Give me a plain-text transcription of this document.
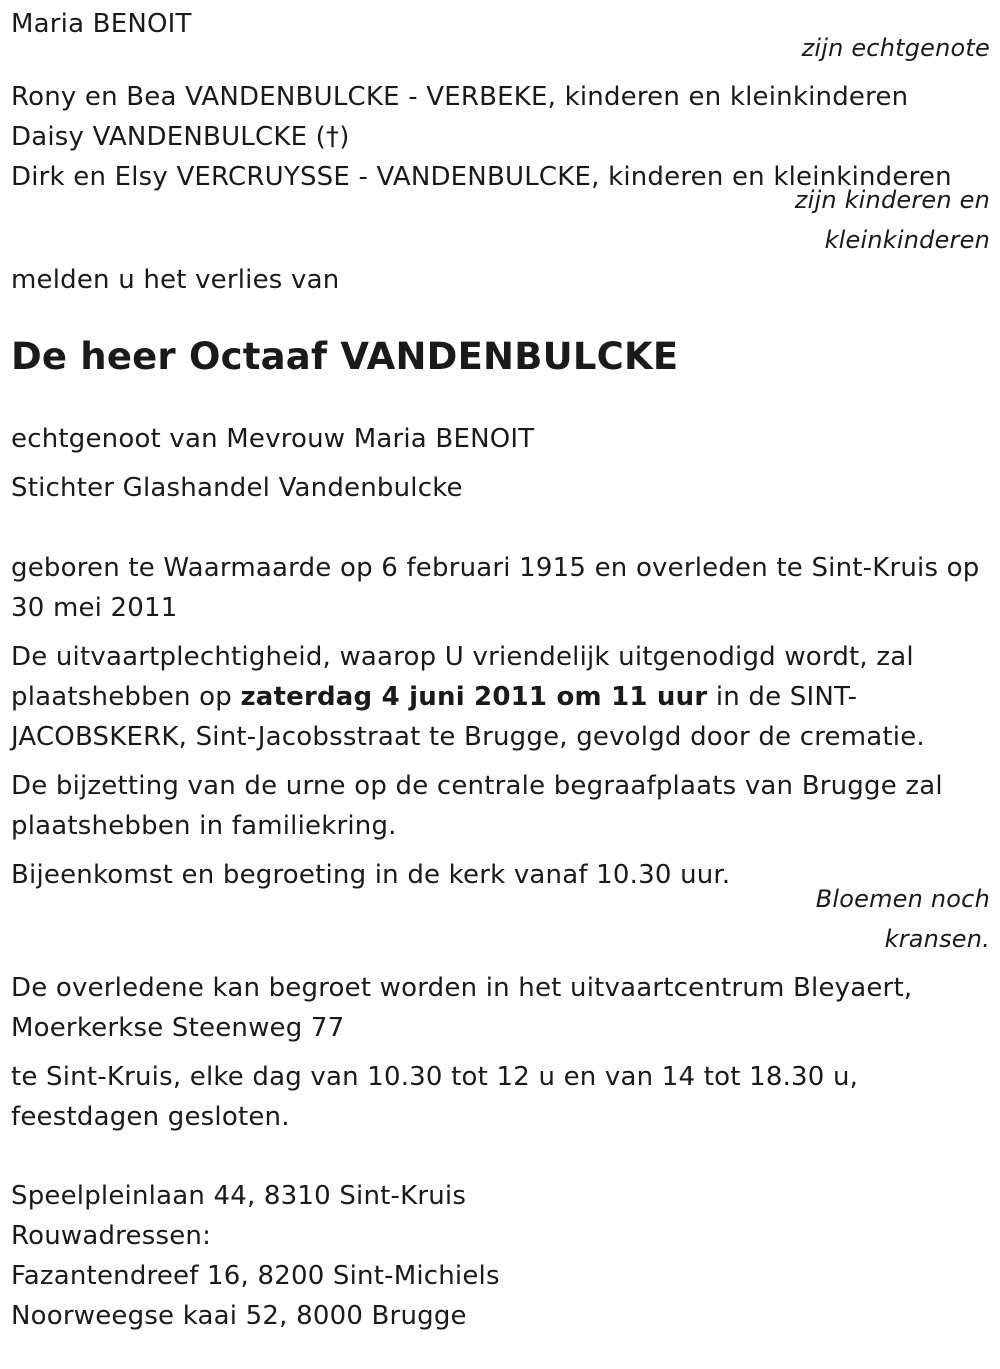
Maria BENOIT
zijn echtgenote
Rony en Bea VANDENBULCKE - VERBEKE, kinderen en kleinkinderen
Daisy VANDENBULCKE (†)
Dirk en Elsy VERCRUYSSE - VANDENBULCKE, kinderen en kleinkinderen
zijn kinderen en
kleinkinderen
melden u het verlies van
De heer Octaaf VANDENBULCKE
echtgenoot van Mevrouw Maria BENOIT
Stichter Glashandel Vandenbulcke
geboren te Waarmaarde op 6 februari 1915 en overleden te Sint-Kruis op 30 mei 2011
De uitvaartplechtigheid, waarop U vriendelijk uitgenodigd wordt, zal plaatshebben op zaterdag 4 juni 2011 om 11 uur in de SINT-JACOBSKERK, Sint-Jacobsstraat te Brugge, gevolgd door de crematie.
De bijzetting van de urne op de centrale begraafplaats van Brugge zal plaatshebben in familiekring.
Bijeenkomst en begroeting in de kerk vanaf 10.30 uur.
Bloemen noch
kransen.
De overledene kan begroet worden in het uitvaartcentrum Bleyaert, Moerkerkse Steenweg 77
te Sint-Kruis, elke dag van 10.30 tot 12 u en van 14 tot 18.30 u, feestdagen gesloten.
Speelpleinlaan 44, 8310 Sint-Kruis
Rouwadressen:
Fazantendreef 16, 8200 Sint-Michiels
Noorweegse kaai 52, 8000 Brugge
